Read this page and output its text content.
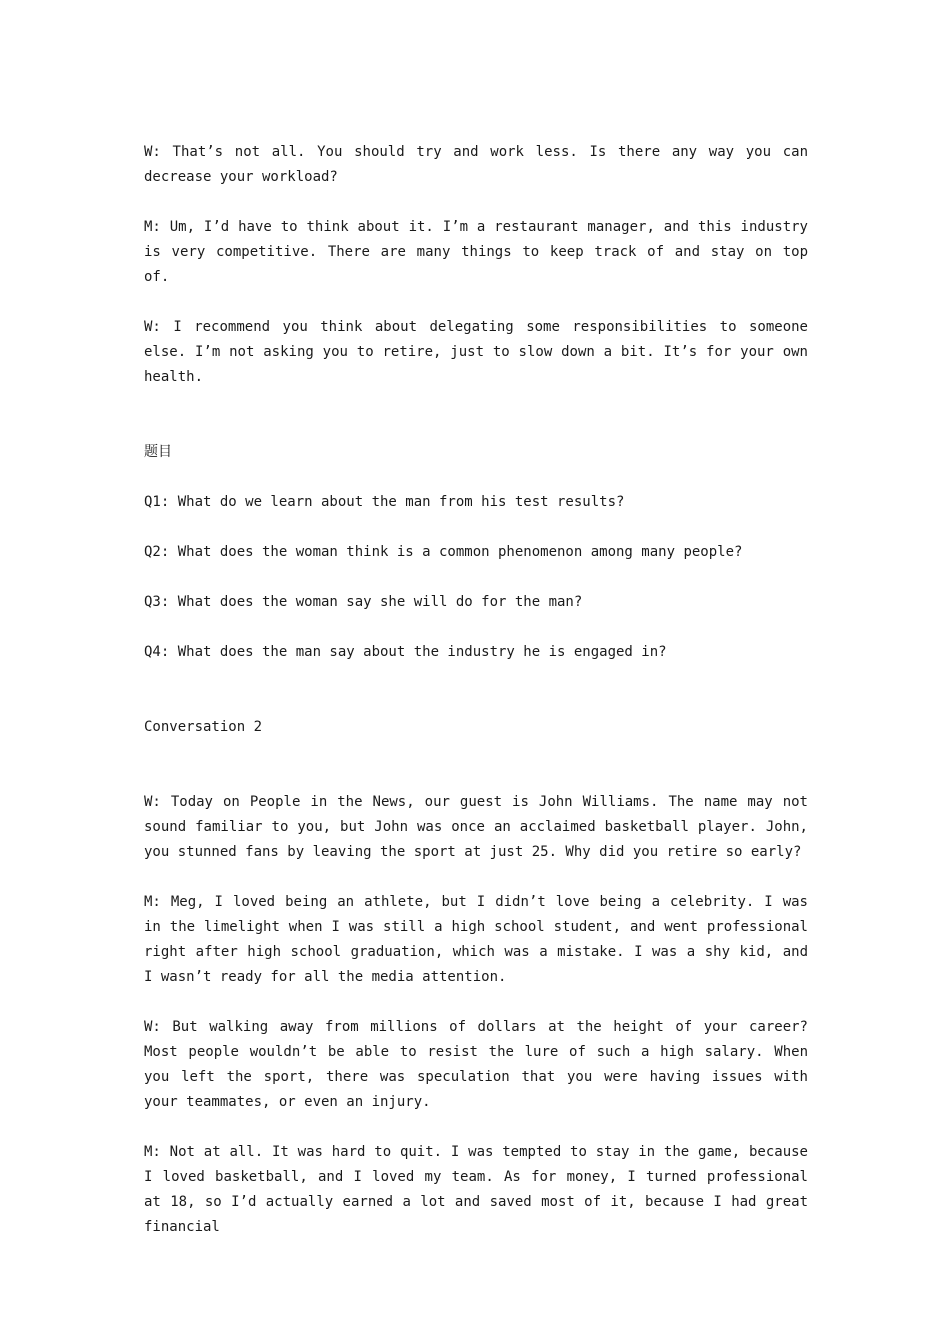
W: That’s not all. You should try and work less. Is there any way you can decrease your workload?

M: Um, I’d have to think about it. I’m a restaurant manager, and this industry is very competitive. There are many things to keep track of and stay on top of.

W: I recommend you think about delegating some responsibilities to someone else. I’m not asking you to retire, just to slow down a bit. It’s for your own health.

题目

Q1: What do we learn about the man from his test results?

Q2: What does the woman think is a common phenomenon among many people?

Q3: What does the woman say she will do for the man?

Q4: What does the man say about the industry he is engaged in?

Conversation 2

W: Today on People in the News, our guest is John Williams. The name may not sound familiar to you, but John was once an acclaimed basketball player. John, you stunned fans by leaving the sport at just 25. Why did you retire so early?

M: Meg, I loved being an athlete, but I didn’t love being a celebrity. I was in the limelight when I was still a high school student, and went professional right after high school graduation, which was a mistake. I was a shy kid, and I wasn’t ready for all the media attention.

W: But walking away from millions of dollars at the height of your career? Most people wouldn’t be able to resist the lure of such a high salary. When you left the sport, there was speculation that you were having issues with your teammates, or even an injury.

M: Not at all. It was hard to quit. I was tempted to stay in the game, because I loved basketball, and I loved my team. As for money, I turned professional at 18, so I’d actually earned a lot and saved most of it, because I had great financial
